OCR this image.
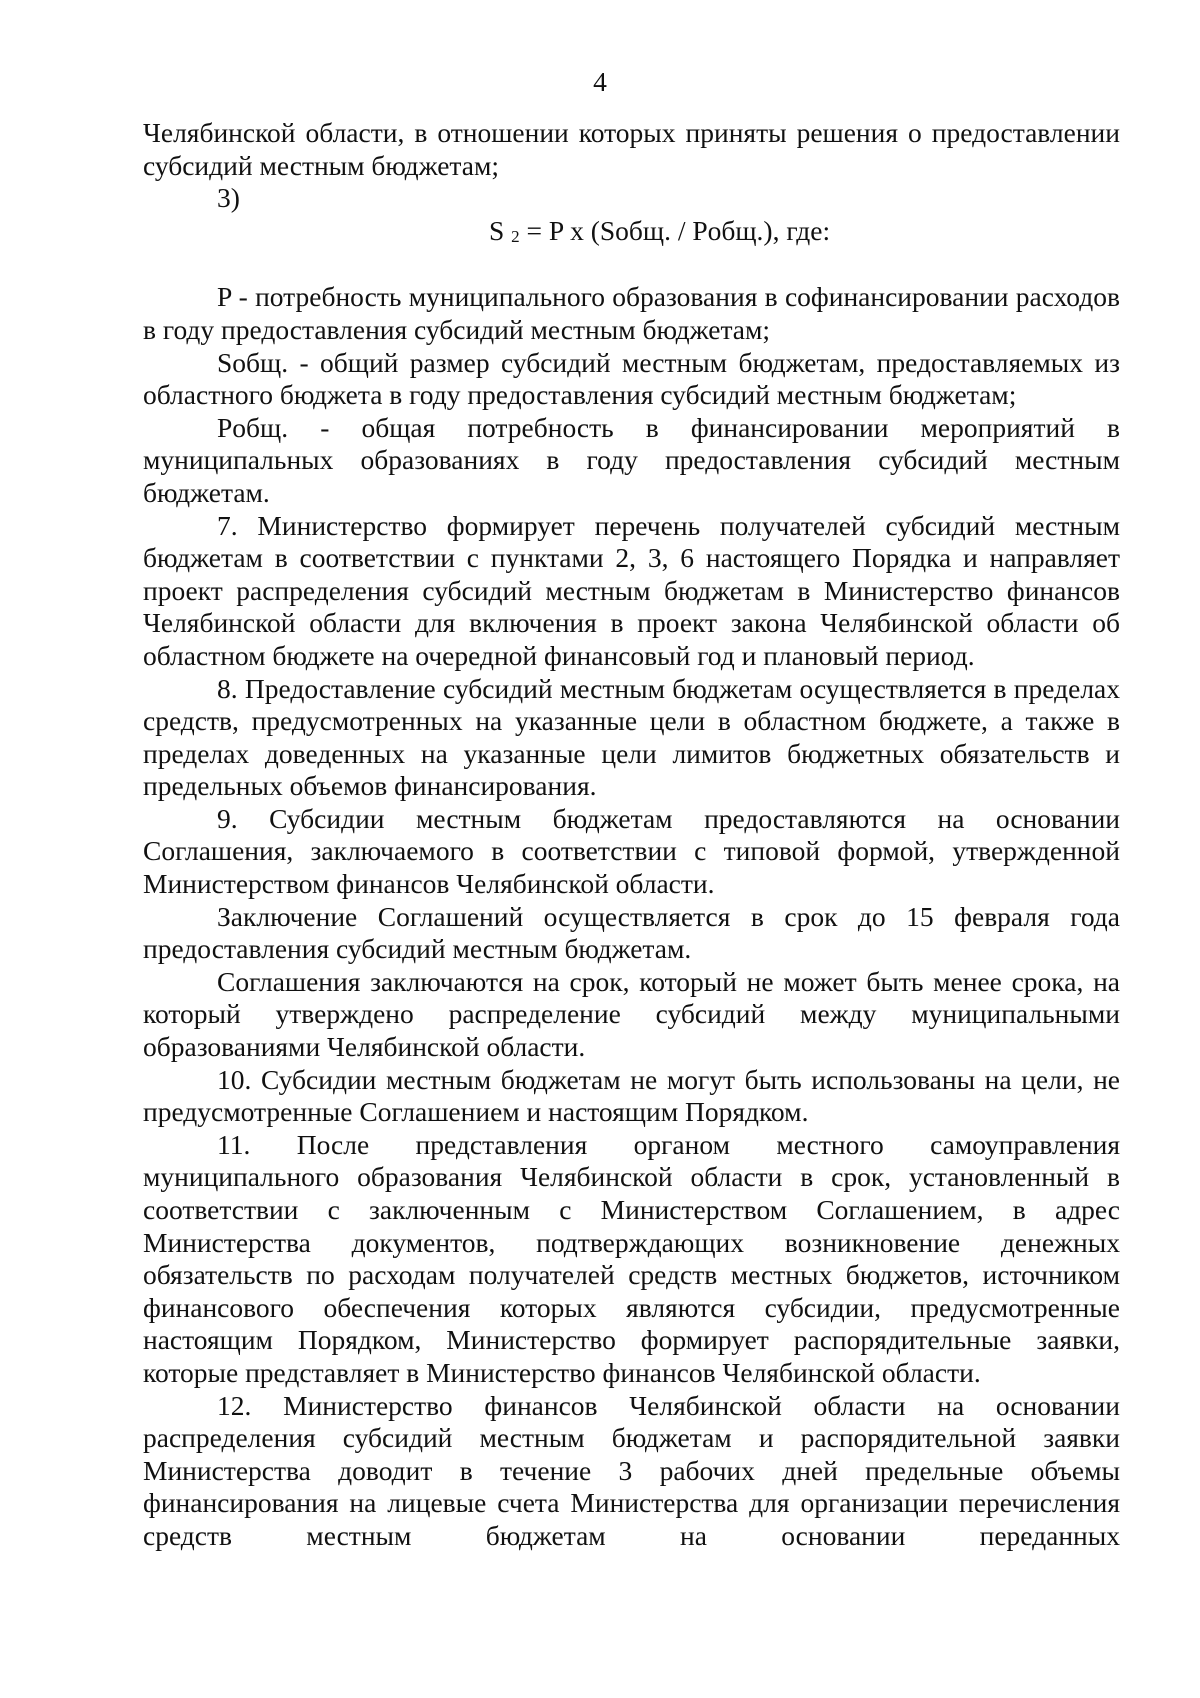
4

Челябинской области, в отношении которых приняты решения о предоставлении субсидий местным бюджетам;

3)

S $_2$ = P x (Sобщ. / Pобщ.), где:

P - потребность муниципального образования в софинансировании расходов в году предоставления субсидий местным бюджетам;

Sобщ. - общий размер субсидий местным бюджетам, предоставляемых из областного бюджета в году предоставления субсидий местным бюджетам;

Pобщ. - общая потребность в финансировании мероприятий в муниципальных образованиях в году предоставления субсидий местным бюджетам.

7. Министерство формирует перечень получателей субсидий местным бюджетам в соответствии с пунктами 2, 3, 6 настоящего Порядка и направляет проект распределения субсидий местным бюджетам в Министерство финансов Челябинской области для включения в проект закона Челябинской области об областном бюджете на очередной финансовый год и плановый период.

8. Предоставление субсидий местным бюджетам осуществляется в пределах средств, предусмотренных на указанные цели в областном бюджете, а также в пределах доведенных на указанные цели лимитов бюджетных обязательств и предельных объемов финансирования.

9. Субсидии местным бюджетам предоставляются на основании Соглашения, заключаемого в соответствии с типовой формой, утвержденной Министерством финансов Челябинской области.

Заключение Соглашений осуществляется в срок до 15 февраля года предоставления субсидий местным бюджетам.

Соглашения заключаются на срок, который не может быть менее срока, на который утверждено распределение субсидий между муниципальными образованиями Челябинской области.

10. Субсидии местным бюджетам не могут быть использованы на цели, не предусмотренные Соглашением и настоящим Порядком.

11. После представления органом местного самоуправления муниципального образования Челябинской области в срок, установленный в соответствии с заключенным с Министерством Соглашением, в адрес Министерства документов, подтверждающих возникновение денежных обязательств по расходам получателей средств местных бюджетов, источником финансового обеспечения которых являются субсидии, предусмотренные настоящим Порядком, Министерство формирует распорядительные заявки, которые представляет в Министерство финансов Челябинской области.

12. Министерство финансов Челябинской области на основании распределения субсидий местным бюджетам и распорядительной заявки Министерства доводит в течение 3 рабочих дней предельные объемы финансирования на лицевые счета Министерства для организации перечисления средств местным бюджетам на основании переданных
